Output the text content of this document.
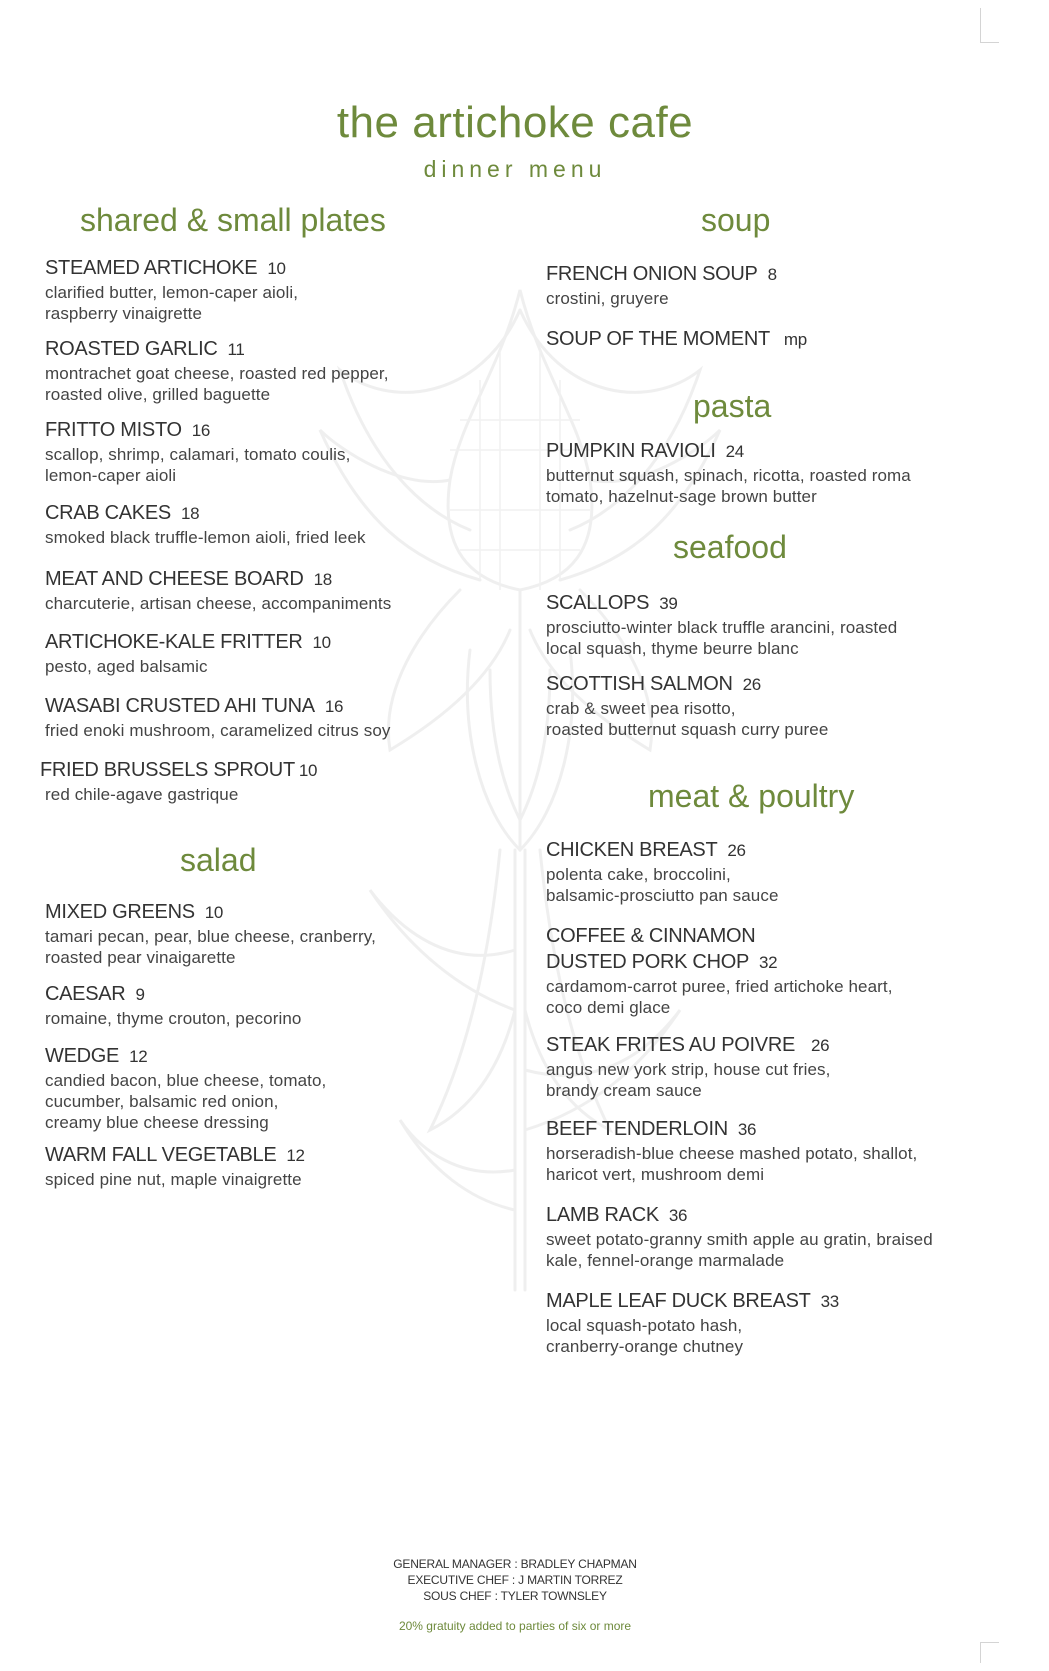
the artichoke cafe
dinner menu
shared & small plates
STEAMED ARTICHOKE 10
clarified butter, lemon-caper aioli,
raspberry vinaigrette
ROASTED GARLIC 11
montrachet goat cheese, roasted red pepper,
roasted olive, grilled baguette
FRITTO MISTO 16
scallop, shrimp, calamari, tomato coulis,
lemon-caper aioli
CRAB CAKES 18
smoked black truffle-lemon aioli, fried leek
MEAT AND CHEESE BOARD 18
charcuterie, artisan cheese, accompaniments
ARTICHOKE-KALE FRITTER 10
pesto, aged balsamic
WASABI CRUSTED AHI TUNA 16
fried enoki mushroom, caramelized citrus soy
FRIED BRUSSELS SPROUT 10
red chile-agave gastrique
salad
MIXED GREENS 10
tamari pecan, pear, blue cheese, cranberry,
roasted pear vinaigarette
CAESAR 9
romaine, thyme crouton, pecorino
WEDGE 12
candied bacon, blue cheese, tomato,
cucumber, balsamic red onion,
creamy blue cheese dressing
WARM FALL VEGETABLE 12
spiced pine nut, maple vinaigrette
soup
FRENCH ONION SOUP 8
crostini, gruyere
SOUP OF THE MOMENT mp
pasta
PUMPKIN RAVIOLI 24
butternut squash, spinach, ricotta, roasted roma
tomato, hazelnut-sage brown butter
seafood
SCALLOPS 39
prosciutto-winter black truffle arancini, roasted
local squash, thyme beurre blanc
SCOTTISH SALMON 26
crab & sweet pea risotto,
roasted butternut squash curry puree
meat & poultry
CHICKEN BREAST 26
polenta cake, broccolini,
balsamic-prosciutto pan sauce
COFFEE & CINNAMON
DUSTED PORK CHOP 32
cardamom-carrot puree, fried artichoke heart,
coco demi glace
STEAK FRITES AU POIVRE 26
angus new york strip, house cut fries,
brandy cream sauce
BEEF TENDERLOIN 36
horseradish-blue cheese mashed potato, shallot,
haricot vert, mushroom demi
LAMB RACK 36
sweet potato-granny smith apple au gratin, braised
kale, fennel-orange marmalade
MAPLE LEAF DUCK BREAST 33
local squash-potato hash,
cranberry-orange chutney
GENERAL MANAGER : BRADLEY CHAPMAN
EXECUTIVE CHEF : J MARTIN TORREZ
SOUS CHEF : TYLER TOWNSLEY
20% gratuity added to parties of six or more
